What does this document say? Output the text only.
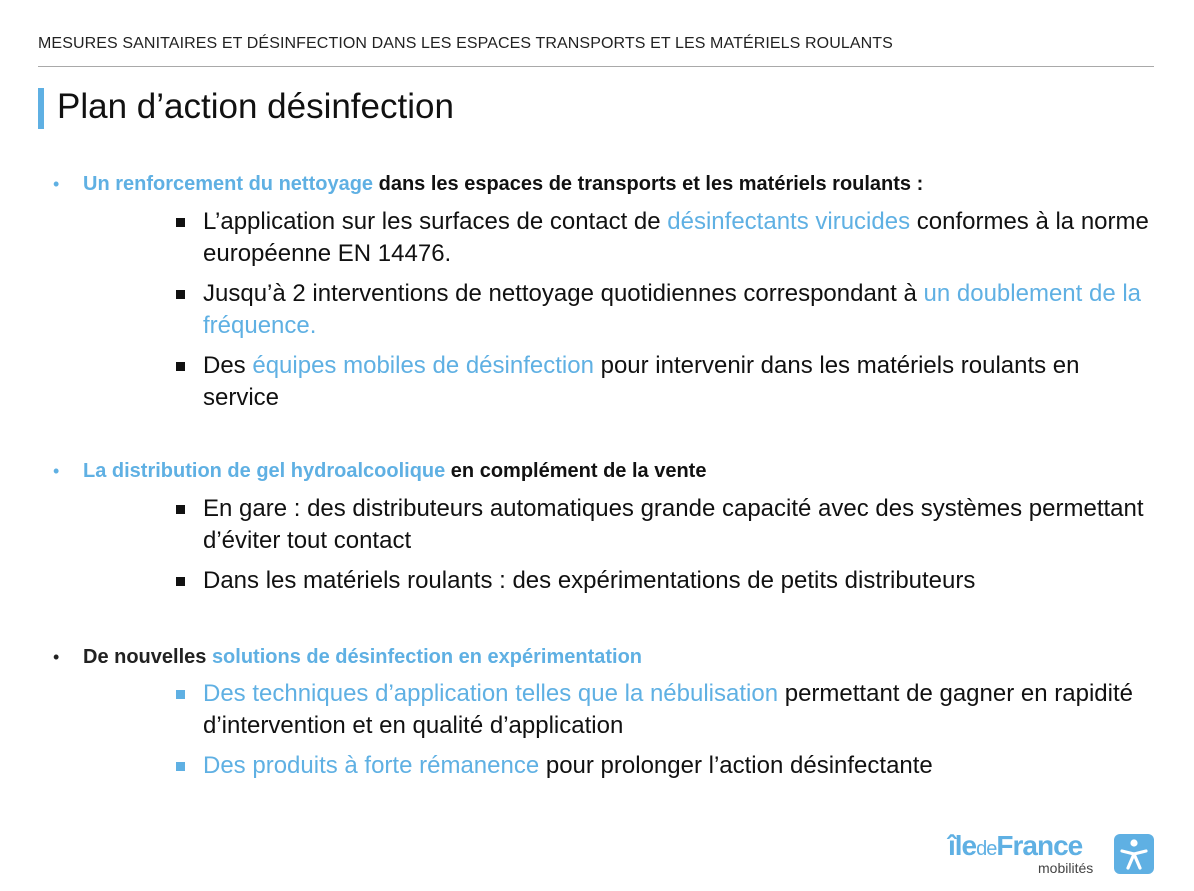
MESURES SANITAIRES ET DÉSINFECTION DANS LES ESPACES TRANSPORTS ET LES MATÉRIELS ROULANTS
Plan d’action désinfection
• Un renforcement du nettoyage dans les espaces de transports et les matériels roulants :
L’application sur les surfaces de contact de désinfectants virucides conformes à la norme européenne EN 14476.
Jusqu’à 2 interventions de nettoyage quotidiennes correspondant à un doublement de la fréquence.
Des équipes mobiles de désinfection pour intervenir dans les matériels roulants en service
• La distribution de gel hydroalcoolique en complément de la vente
En gare : des distributeurs automatiques grande capacité avec des systèmes permettant d’éviter tout contact
Dans les matériels roulants : des expérimentations de petits distributeurs
• De nouvelles solutions de désinfection en expérimentation
Des techniques d’application telles que la nébulisation permettant de gagner en rapidité d’intervention et en qualité d’application
Des produits à forte rémanence pour prolonger l’action désinfectante
îledeFrance
mobilités
